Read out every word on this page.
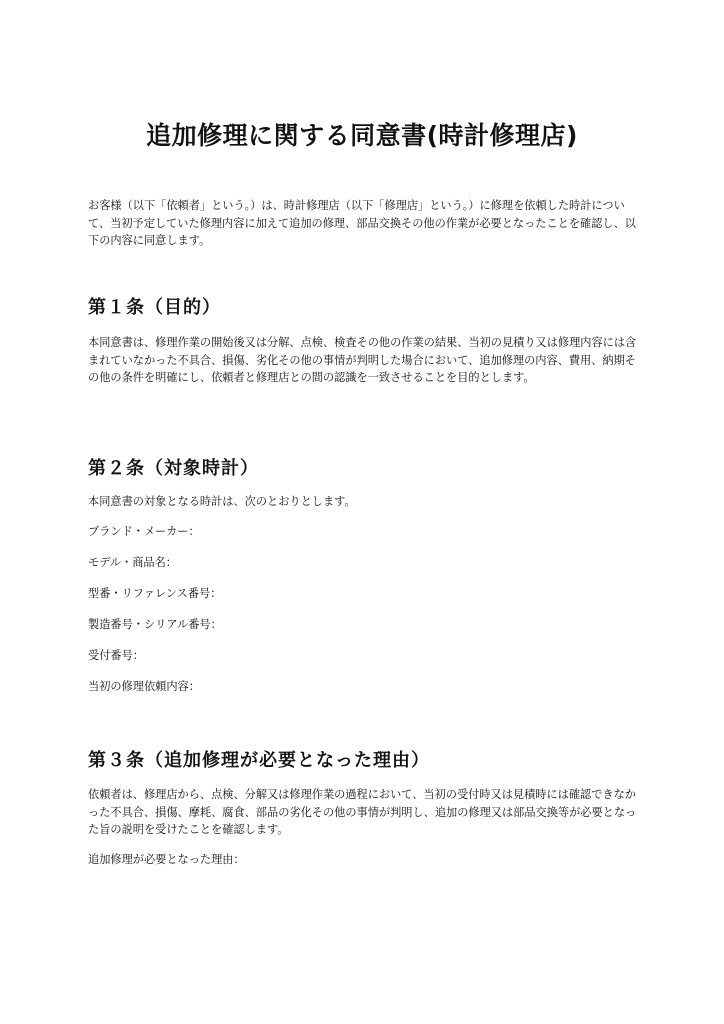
追加修理に関する同意書(時計修理店)

お客様（以下「依頼者」という。）は、時計修理店（以下「修理店」という。）に修理を依頼した時計について、当初予定していた修理内容に加えて追加の修理、部品交換その他の作業が必要となったことを確認し、以下の内容に同意します。

第１条（目的）

本同意書は、修理作業の開始後又は分解、点検、検査その他の作業の結果、当初の見積り又は修理内容には含まれていなかった不具合、損傷、劣化その他の事情が判明した場合において、追加修理の内容、費用、納期その他の条件を明確にし、依頼者と修理店との間の認識を一致させることを目的とします。

第２条（対象時計）

本同意書の対象となる時計は、次のとおりとします。

ブランド・メーカー：

モデル・商品名：

型番・リファレンス番号：

製造番号・シリアル番号：

受付番号：

当初の修理依頼内容：

第３条（追加修理が必要となった理由）

依頼者は、修理店から、点検、分解又は修理作業の過程において、当初の受付時又は見積時には確認できなかった不具合、損傷、摩耗、腐食、部品の劣化その他の事情が判明し、追加の修理又は部品交換等が必要となった旨の説明を受けたことを確認します。

追加修理が必要となった理由：
